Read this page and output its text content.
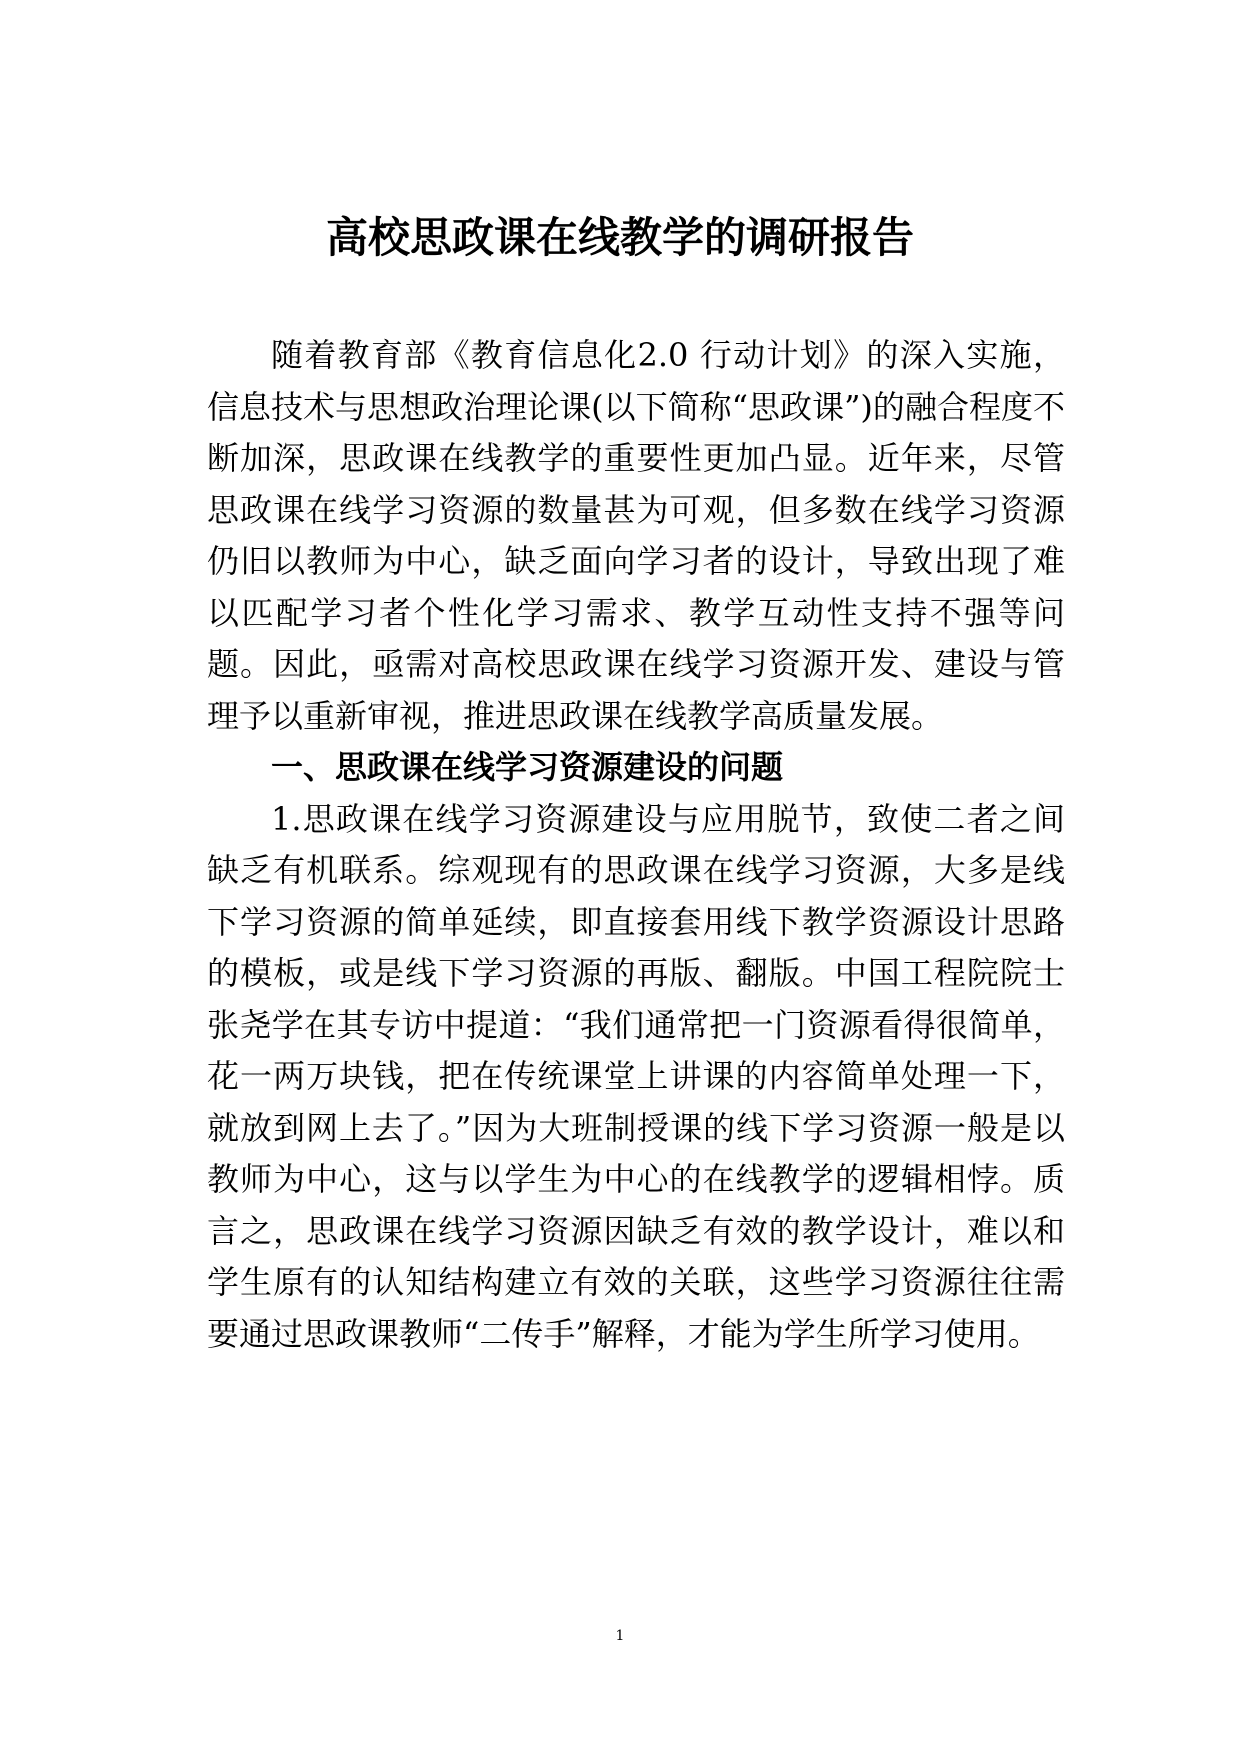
高校思政课在线教学的调研报告

随着教育部《教育信息化2.0 行动计划》的深入实施，信息技术与思想政治理论课(以下简称“思政课”)的融合程度不断加深，思政课在线教学的重要性更加凸显。近年来，尽管思政课在线学习资源的数量甚为可观，但多数在线学习资源仍旧以教师为中心，缺乏面向学习者的设计，导致出现了难以匹配学习者个性化学习需求、教学互动性支持不强等问题。因此，亟需对高校思政课在线学习资源开发、建设与管理予以重新审视，推进思政课在线教学高质量发展。

一、思政课在线学习资源建设的问题

1.思政课在线学习资源建设与应用脱节，致使二者之间缺乏有机联系。综观现有的思政课在线学习资源，大多是线下学习资源的简单延续，即直接套用线下教学资源设计思路的模板，或是线下学习资源的再版、翻版。中国工程院院士张尧学在其专访中提道：“我们通常把一门资源看得很简单，花一两万块钱，把在传统课堂上讲课的内容简单处理一下，就放到网上去了。”因为大班制授课的线下学习资源一般是以教师为中心，这与以学生为中心的在线教学的逻辑相悖。质言之，思政课在线学习资源因缺乏有效的教学设计，难以和学生原有的认知结构建立有效的关联，这些学习资源往往需要通过思政课教师“二传手”解释，才能为学生所学习使用。

1
